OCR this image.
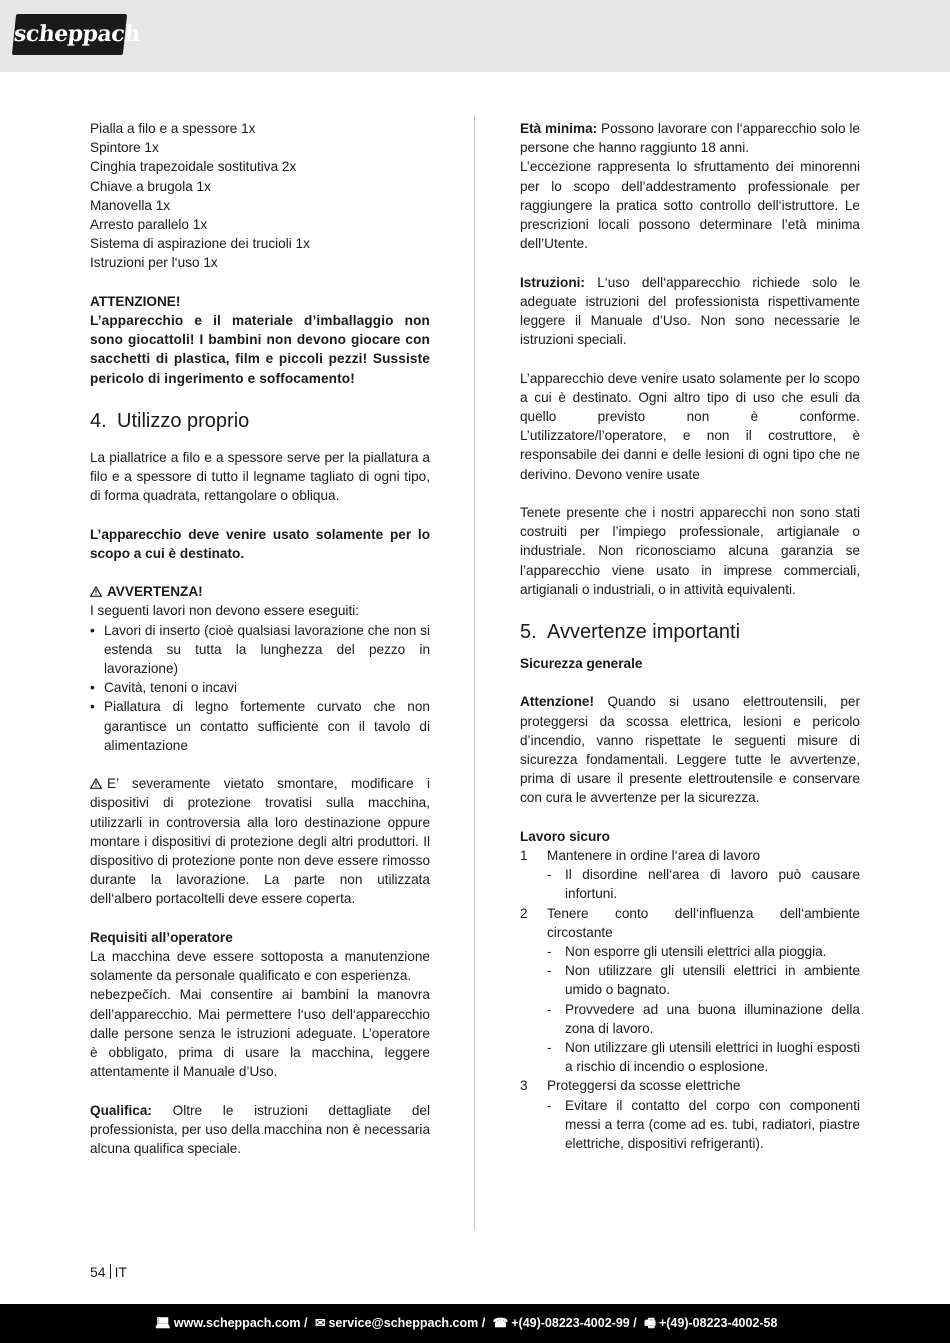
scheppach

Pialla a filo e a spessore 1x

Spintore 1x

Cinghia trapezoidale sostitutiva 2x

Chiave a brugola 1x

Manovella 1x

Arresto parallelo 1x

Sistema di aspirazione dei trucioli 1x

Istruzioni per l‘uso 1x

ATTENZIONE!

L’apparecchio e il materiale d’imballaggio non sono giocattoli! I bambini non devono giocare con sacchetti di plastica, film e piccoli pezzi! Sussiste pericolo di ingerimento e soffocamento!

4. Utilizzo proprio

La piallatrice a filo e a spessore serve per la piallatura a filo e a spessore di tutto il legname tagliato di ogni tipo, di forma quadrata, rettangolare o obliqua.

L’apparecchio deve venire usato solamente per lo scopo a cui è destinato.

AVVERTENZA!

I seguenti lavori non devono essere eseguiti:

• Lavori di inserto (cioè qualsiasi lavorazione che non si estenda su tutta la lunghezza del pezzo in lavorazione)
• Cavità, tenoni o incavi
• Piallatura di legno fortemente curvato che non garantisce un contatto sufficiente con il tavolo di alimentazione

E’ severamente vietato smontare, modificare i dispositivi di protezione trovatisi sulla macchina, utilizzarli in controversia alla loro destinazione oppure montare i dispositivi di protezione degli altri produttori. Il dispositivo di protezione ponte non deve essere rimosso durante la lavorazione. La parte non utilizzata dell‘albero portacoltelli deve essere coperta.

Requisiti all’operatore

La macchina deve essere sottoposta a manutenzione solamente da personale qualificato e con esperienza.

nebezpečích. Mai consentire ai bambini la manovra dell’apparecchio. Mai permettere l‘uso dell‘apparecchio dalle persone senza le istruzioni adeguate. L’operatore è obbligato, prima di usare la macchina, leggere attentamente il Manuale d’Uso.

Qualifica: Oltre le istruzioni dettagliate del professionista, per uso della macchina non è necessaria alcuna qualifica speciale.

Età minima: Possono lavorare con l‘apparecchio solo le persone che hanno raggiunto 18 anni.

L’eccezione rappresenta lo sfruttamento dei minorenni per lo scopo dell’addestramento professionale per raggiungere la pratica sotto controllo dell‘istruttore. Le prescrizioni locali possono determinare l’età minima dell’Utente.

Istruzioni: L‘uso dell‘apparecchio richiede solo le adeguate istruzioni del professionista rispettivamente leggere il Manuale d’Uso. Non sono necessarie le istruzioni speciali.

L’apparecchio deve venire usato solamente per lo scopo a cui è destinato. Ogni altro tipo di uso che esuli da quello previsto non è conforme. L’utilizzatore/l’operatore, e non il costruttore, è responsabile dei danni e delle lesioni di ogni tipo che ne derivino. Devono venire usate

Tenete presente che i nostri apparecchi non sono stati costruiti per l’impiego professionale, artigianale o industriale. Non riconosciamo alcuna garanzia se l’apparecchio viene usato in imprese commerciali, artigianali o industriali, o in attività equivalenti.

5. Avvertenze importanti

Sicurezza generale

Attenzione! Quando si usano elettroutensili, per proteggersi da scossa elettrica, lesioni e pericolo d’incendio, vanno rispettate le seguenti misure di sicurezza fondamentali. Leggere tutte le avvertenze, prima di usare il presente elettroutensile e conservare con cura le avvertenze per la sicurezza.

Lavoro sicuro

1 Mantenere in ordine l‘area di lavoro
- Il disordine nell‘area di lavoro può causare infortuni.
2 Tenere conto dell‘influenza dell‘ambiente circostante
- Non esporre gli utensili elettrici alla pioggia.
- Non utilizzare gli utensili elettrici in ambiente umido o bagnato.
- Provvedere ad una buona illuminazione della zona di lavoro.
- Non utilizzare gli utensili elettrici in luoghi esposti a rischio di incendio o esplosione.
3 Proteggersi da scosse elettriche
- Evitare il contatto del corpo con componenti messi a terra (come ad es. tubi, radiatori, piastre elettriche, dispositivi refrigeranti).
54 IT
💻︎ www.scheppach.com / ✉︎ service@scheppach.com / ☎︎ +(49)-08223-4002-99 / 🖷︎ +(49)-08223-4002-58
